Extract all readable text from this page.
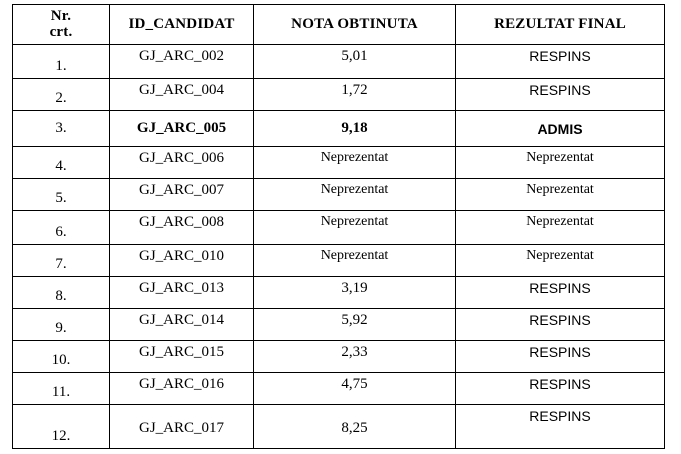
Nr.
crt.	ID_CANDIDAT	NOTA OBTINUTA	REZULTAT FINAL
1.	GJ_ARC_002	5,01	RESPINS
2.	GJ_ARC_004	1,72	RESPINS
3.	GJ_ARC_005	9,18	ADMIS
4.	GJ_ARC_006	Neprezentat	Neprezentat
5.	GJ_ARC_007	Neprezentat	Neprezentat
6.	GJ_ARC_008	Neprezentat	Neprezentat
7.	GJ_ARC_010	Neprezentat	Neprezentat
8.	GJ_ARC_013	3,19	RESPINS
9.	GJ_ARC_014	5,92	RESPINS
10.	GJ_ARC_015	2,33	RESPINS
11.	GJ_ARC_016	4,75	RESPINS
12.	GJ_ARC_017	8,25	RESPINS
